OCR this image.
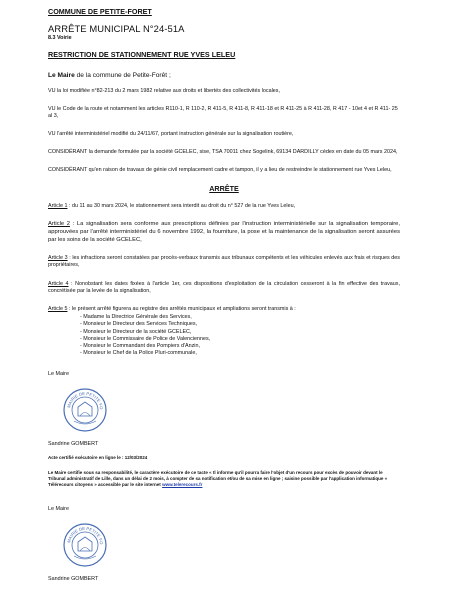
COMMUNE DE PETITE-FORET
ARRÊTE MUNICIPAL N°24-51A
8.3 Voirie
RESTRICTION DE STATIONNEMENT RUE YVES LELEU
Le Maire de la commune de Petite-Forêt ;

VU la loi modifiée n°82-213 du 2 mars 1982 relative aux droits et libertés des collectivités locales,

VU le Code de la route et notamment les articles R110-1, R 110-2, R 411-5, R 411-8, R 411-18 et R 411-25 à R 411-28, R 417 - 10et 4 et R 411- 25 al 3,

VU l'arrêté interministériel modifié du 24/11/67, portant instruction générale sur la signalisation routière,

CONSIDÉRANT la demande formulée par la société GCELEC, sise, TSA 70011 chez Sogelink, 69134 DARDILLY cédex en date du 05 mars 2024,

CONSIDÉRANT qu'en raison de travaux de génie civil remplacement cadre et tampon, il y a lieu de restreindre le stationnement rue Yves Leleu,

ARRÊTE

Article 1 : du 11 au 30 mars 2024, le stationnement sera interdit au droit du n° 527 de la rue Yves Leleu,

Article 2 : La signalisation sera conforme aux prescriptions définies par l'instruction interministérielle sur la signalisation temporaire, approuvées par l'arrêté interministériel du 6 novembre 1992, la fourniture, la pose et la maintenance de la signalisation seront assurées par les soins de la société GCELEC,

Article 3 : les infractions seront constatées par procès-verbaux transmis aux tribunaux compétents et les véhicules enlevés aux frais et risques des propriétaires,

Article 4 : Nonobstant les dates fixées à l'article 1er, ces dispositions d'exploitation de la circulation cesseront à la fin effective des travaux, concrétisée par la levée de la signalisation,

Article 5 : le présent arrêté figurera au registre des arrêtés municipaux et ampliations seront transmis à :

- Madame la Directrice Générale des Services,
- Monsieur le Directeur des Services Techniques,
- Monsieur le Directeur de la société GCELEC,
- Monsieur le Commissaire de Police de Valenciennes,
- Monsieur le Commandant des Pompiers d'Anzin,
- Monsieur le Chef de la Police Pluri-communale,
Le Maire
MAIRIE DE PETITE FO
Sandrine GOMBERT
Acte certifié exécutoire en ligne le : 12/03/2024
Le Maire certifie sous sa responsabilité, le caractère exécutoire de ce tacte « tl informe qu'il pourra faire l'objet d'un recours pour excès de pouvoir devant le Tribunal administratif de Lille, dans un délai de 2 mois, à compter de sa notification et/ou de sa mise en ligne ; saisine possible par l'application informatique « Télérecours citoyens » accessible par le site internet www.telerecours.fr
Le Maire
MAIRIE DE PETITE FO
Sandrine GOMBERT
